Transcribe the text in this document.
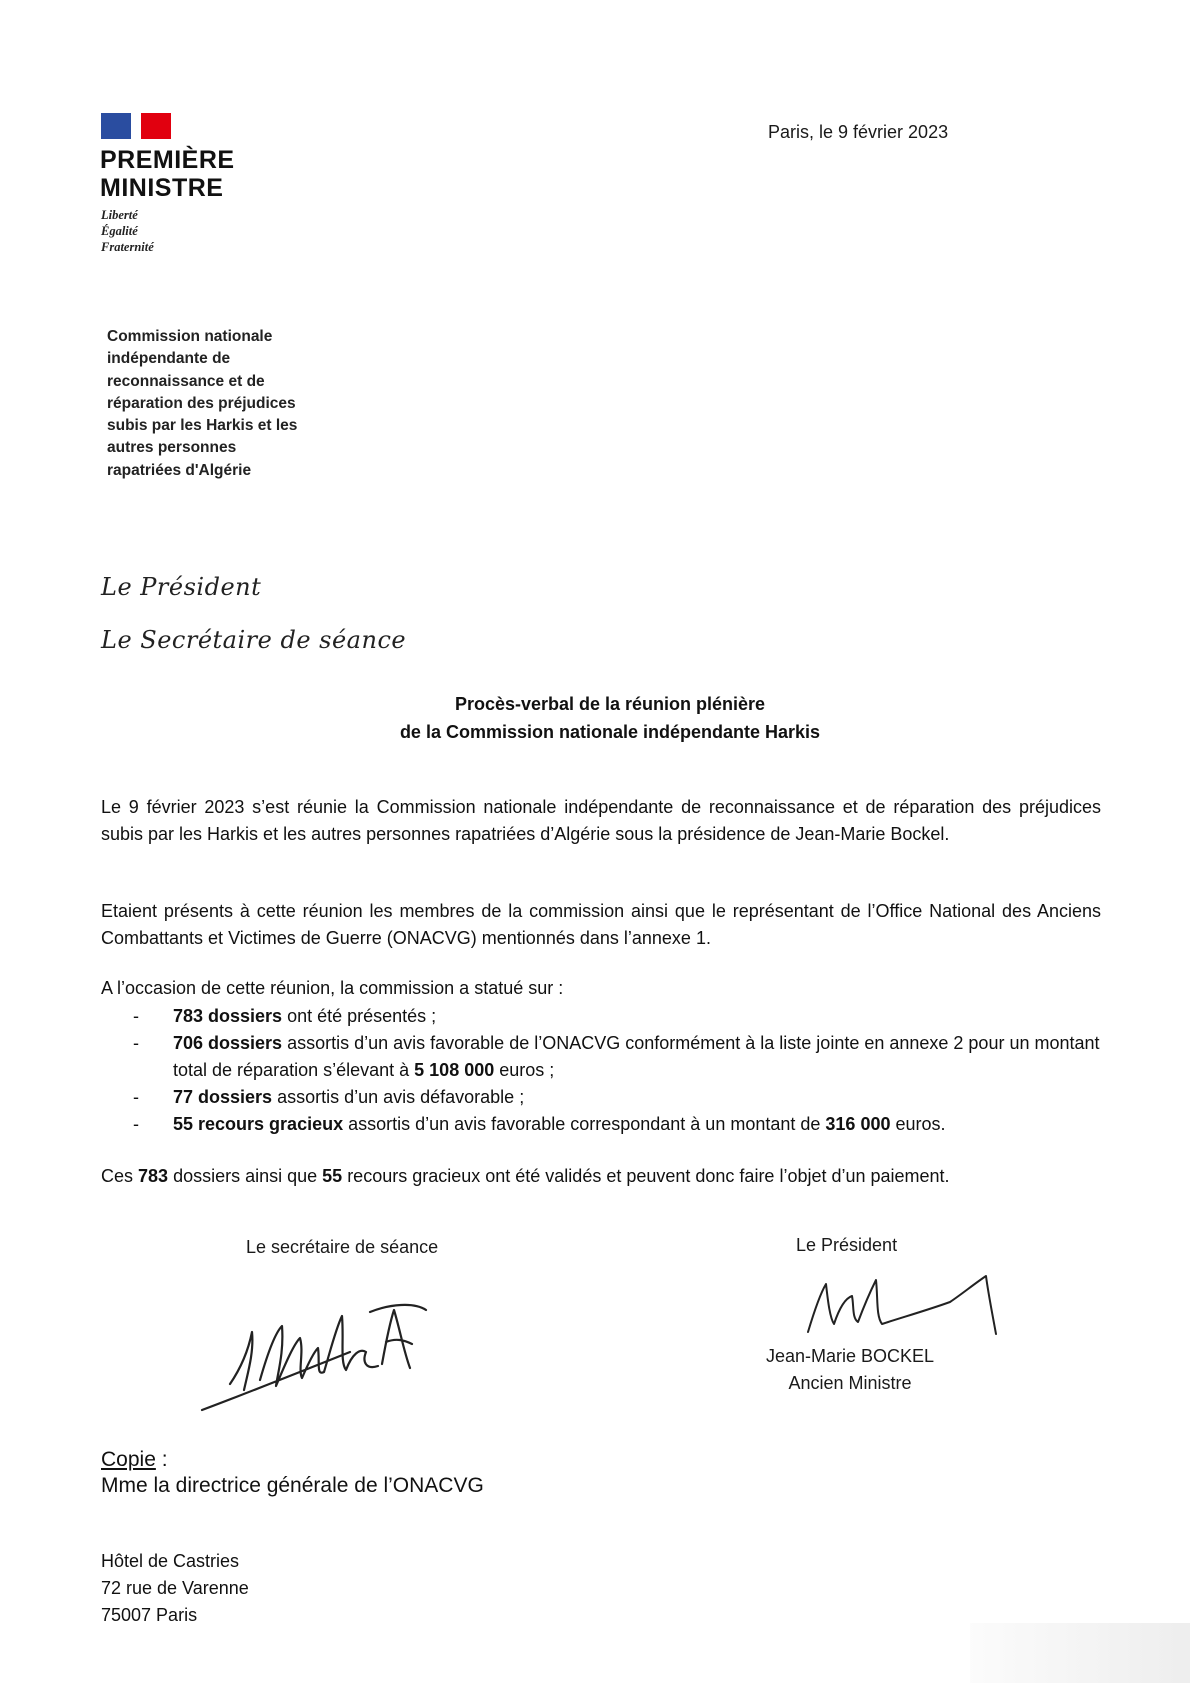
PREMIÈRE
MINISTRE
Liberté
Égalité
Fraternité
Paris, le 9 février 2023
Commission nationale
indépendante de
reconnaissance et de
réparation des préjudices
subis par les Harkis et les
autres personnes
rapatriées d'Algérie
Le Président
Le Secrétaire de séance
Procès-verbal de la réunion plénière
de la Commission nationale indépendante Harkis
Le 9 février 2023 s’est réunie la Commission nationale indépendante de reconnaissance et de réparation des préjudices subis par les Harkis et les autres personnes rapatriées d’Algérie sous la présidence de Jean-Marie Bockel.
Etaient présents à cette réunion les membres de la commission ainsi que le représentant de l’Office National des Anciens Combattants et Victimes de Guerre (ONACVG) mentionnés dans l’annexe 1.
A l’occasion de cette réunion, la commission a statué sur :
- 783 dossiers ont été présentés ;
- 706 dossiers assortis d’un avis favorable de l’ONACVG conformément à la liste jointe en annexe 2 pour un montant total de réparation s’élevant à 5 108 000 euros ;
- 77 dossiers assortis d’un avis défavorable ;
- 55 recours gracieux assortis d’un avis favorable correspondant à un montant de 316 000 euros.
Ces 783 dossiers ainsi que 55 recours gracieux ont été validés et peuvent donc faire l’objet d’un paiement.
Le secrétaire de séance	Le Président
Jean-Marie BOCKEL
Ancien Ministre
Copie :
Mme la directrice générale de l’ONACVG
Hôtel de Castries
72 rue de Varenne
75007 Paris
